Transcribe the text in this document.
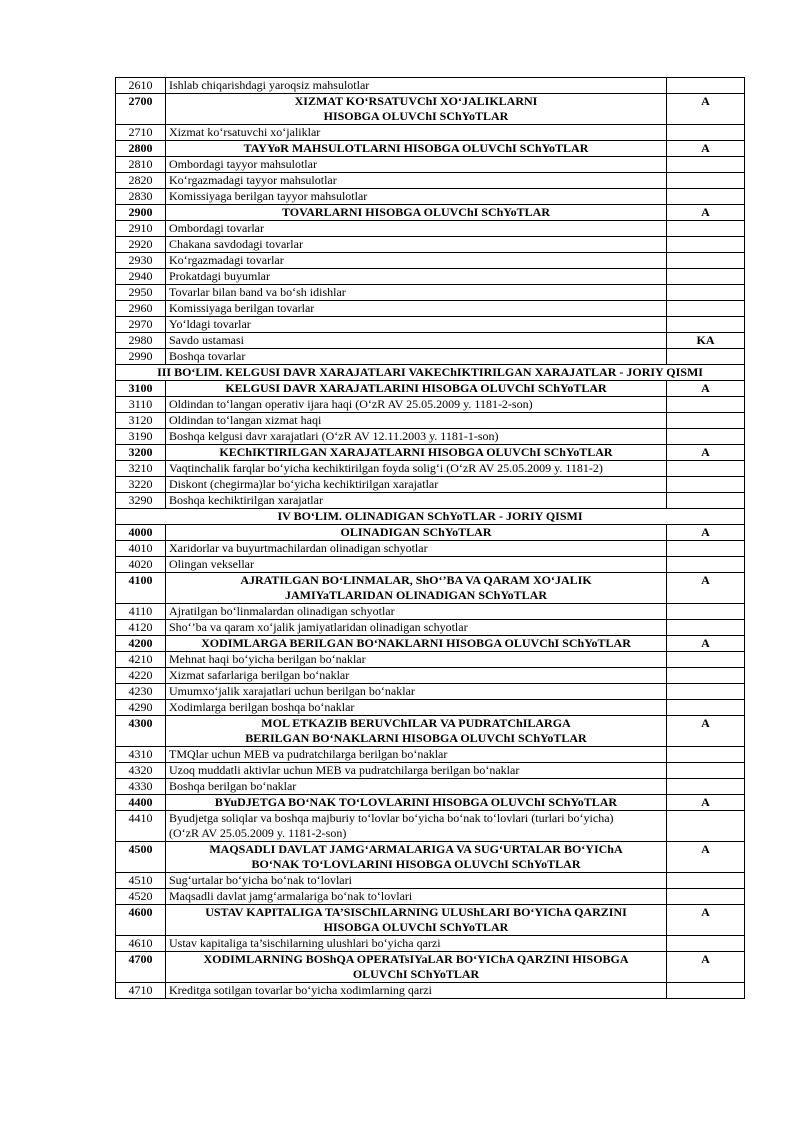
2610	Ishlab chiqarishdagi yaroqsiz mahsulotlar	

2700	XIZMAT KO‘RSATUVChI XO‘JALIKLARNI
HISOBGA OLUVChI SChYoTLAR	A
2710	Xizmat ko‘rsatuvchi xo‘jaliklar	

2800	TAYYoR MAHSULOTLARNI HISOBGA OLUVChI SChYoTLAR	A
2810	Ombordagi tayyor mahsulotlar	

2820	Ko‘rgazmadagi tayyor mahsulotlar	

2830	Komissiyaga berilgan tayyor mahsulotlar	

2900	TOVARLARNI HISOBGA OLUVChI SChYoTLAR	A
2910	Ombordagi tovarlar	

2920	Chakana savdodagi tovarlar	

2930	Ko‘rgazmadagi tovarlar	

2940	Prokatdagi buyumlar	

2950	Tovarlar bilan band va bo‘sh idishlar	

2960	Komissiyaga berilgan tovarlar	

2970	Yo‘ldagi tovarlar	

2980	Savdo ustamasi	KA
2990	Boshqa tovarlar	

III BO‘LIM. KELGUSI DAVR XARAJATLARI VAKEChIKTIRILGAN XARAJATLAR - JORIY QISMI		
3100	KELGUSI DAVR XARAJATLARINI HISOBGA OLUVChI SChYoTLAR	A
3110	Oldindan to‘langan operativ ijara haqi (O‘zR AV 25.05.2009 y. 1181-2-son)	

3120	Oldindan to‘langan xizmat haqi	

3190	Boshqa kelgusi davr xarajatlari (O‘zR AV 12.11.2003 y. 1181-1-son)	

3200	KEChIKTIRILGAN XARAJATLARNI HISOBGA OLUVChI SChYoTLAR	A
3210	Vaqtinchalik farqlar bo‘yicha kechiktirilgan foyda solig‘i (O‘zR AV 25.05.2009 y. 1181-2)	

3220	Diskont (chegirma)lar bo‘yicha kechiktirilgan xarajatlar	

3290	Boshqa kechiktirilgan xarajatlar	

IV BO‘LIM. OLINADIGAN SChYoTLAR - JORIY QISMI		
4000	OLINADIGAN SChYoTLAR	A
4010	Xaridorlar va buyurtmachilardan olinadigan schyotlar	

4020	Olingan veksellar	

4100	AJRATILGAN BO‘LINMALAR, ShO‘’BA VA QARAM XO‘JALIK
JAMIYaTLARIDAN OLINADIGAN SChYoTLAR	A
4110	Ajratilgan bo‘linmalardan olinadigan schyotlar	

4120	Sho‘’ba va qaram xo‘jalik jamiyatlaridan olinadigan schyotlar	

4200	XODIMLARGA BERILGAN BO‘NAKLARNI HISOBGA OLUVChI SChYoTLAR	A
4210	Mehnat haqi bo‘yicha berilgan bo‘naklar	

4220	Xizmat safarlariga berilgan bo‘naklar	

4230	Umumxo‘jalik xarajatlari uchun berilgan bo‘naklar	

4290	Xodimlarga berilgan boshqa bo‘naklar	

4300	MOL ETKAZIB BERUVChILAR VA PUDRATChILARGA
BERILGAN BO‘NAKLARNI HISOBGA OLUVChI SChYoTLAR	A
4310	TMQlar uchun MEB va pudratchilarga berilgan bo‘naklar	

4320	Uzoq muddatli aktivlar uchun MEB va pudratchilarga berilgan bo‘naklar	

4330	Boshqa berilgan bo‘naklar	

4400	BYuDJETGA BO‘NAK TO‘LOVLARINI HISOBGA OLUVChI SChYoTLAR	A
4410	Byudjetga soliqlar va boshqa majburiy to‘lovlar bo‘yicha bo‘nak to‘lovlari (turlari bo‘yicha)
(O‘zR AV 25.05.2009 y. 1181-2-son)	

4500	MAQSADLI DAVLAT JAMG‘ARMALARIGA VA SUG‘URTALAR BO‘YIChA
BO‘NAK TO‘LOVLARINI HISOBGA OLUVChI SChYoTLAR	A
4510	Sug‘urtalar bo‘yicha bo‘nak to‘lovlari	

4520	Maqsadli davlat jamg‘armalariga bo‘nak to‘lovlari	

4600	USTAV KAPITALIGA TA’SISChILARNING ULUShLARI BO‘YIChA QARZINI
HISOBGA OLUVChI SChYoTLAR	A
4610	Ustav kapitaliga ta’sischilarning ulushlari bo‘yicha qarzi	

4700	XODIMLARNING BOShQA OPERATsIYaLAR BO‘YIChA QARZINI HISOBGA
OLUVChI SChYoTLAR	A
4710	Kreditga sotilgan tovarlar bo‘yicha xodimlarning qarzi	
